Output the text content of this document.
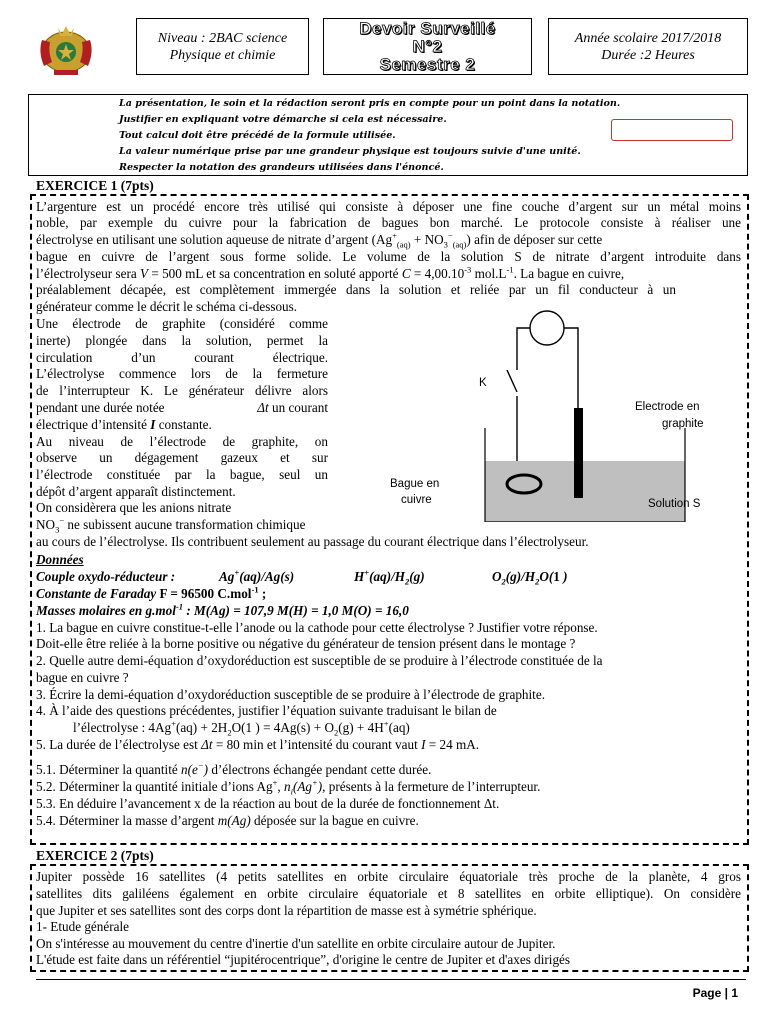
Niveau : 2BAC science
Physique et chimie
Devoir Surveillé
N°2
Semestre 2
Année scolaire 2017/2018
Durée :2 Heures
La présentation, le soin et la rédaction seront pris en compte pour un point dans la notation.
Justifier en expliquant votre démarche si cela est nécessaire.
Tout calcul doit être précédé de la formule utilisée.
La valeur numérique prise par une grandeur physique est toujours suivie d'une unité.
Respecter la notation des grandeurs utilisées dans l'énoncé.
EXERCICE 1 (7pts)
L’argenture est un procédé encore très utilisé qui consiste à déposer une fine couche d’argent sur un métal moins
noble, par exemple du cuivre pour la fabrication de bagues bon marché. Le protocole consiste à réaliser une
électrolyse en utilisant une solution aqueuse de nitrate d’argent $(Ag^+_{(aq)} + NO_3^-_{(aq)})$ afin de déposer sur cette
bague en cuivre de l’argent sous forme solide. Le volume de la solution S de nitrate d’argent introduite dans
l’électrolyseur sera V = 500 mL et sa concentration en soluté apporté $C = 4,00.10^{-3}$ $mol.L^{-1}$. La bague en cuivre,
préalablement décapée, est complètement immergée dans la solution et reliée par un fil conducteur à un
générateur comme le décrit le schéma ci-dessous.
Une électrode de graphite (considéré comme
inerte) plongée dans la solution, permet la
circulation d’un courant électrique.
L’électrolyse commence lors de la fermeture
de l’interrupteur K. Le générateur délivre alors
pendant une durée notée	Δt un courant
électrique d’intensité I constante.
Au niveau de l’électrode de graphite, on
observe un dégagement gazeux et sur
l’électrode constituée par la bague, seul un
dépôt d’argent apparaît distinctement.
On considèrera que les anions nitrate
$NO_3^-$ ne subissent aucune transformation chimique
au cours de l’électrolyse. Ils contribuent seulement au passage du courant électrique dans l’électrolyseur.
K
Electrode en
graphite
Bague en
cuivre	Solution S
Données
Couple oxydo-réducteur :	Ag+(aq)/Ag(s)	$H^+(aq)/H_2(g)$	$O_2(g)/H_2O(1$ )
Constante de Faraday F = 96500 C.mol$^{-1}$ ;
Masses molaires en g.mol$^{-1}$ : M(Ag) = 107,9 M(H) = 1,0 M(O) = 16,0
1. La bague en cuivre constitue-t-elle l’anode ou la cathode pour cette électrolyse ? Justifier votre réponse.
Doit-elle être reliée à la borne positive ou négative du générateur de tension présent dans le montage ?
2. Quelle autre demi-équation d’oxydoréduction est susceptible de se produire à l’électrode constituée de la
bague en cuivre ?
3. Écrire la demi-équation d’oxydoréduction susceptible de se produire à l’électrode de graphite.
4. À l’aide des questions précédentes, justifier l’équation suivante traduisant le bilan de
l’électrolyse : $4Ag^+(aq) + 2H_2O(1$ ) = $4Ag(s) + O_2(g) + 4H^+(aq)$
5. La durée de l’électrolyse est Δt = 80 min et l’intensité du courant vaut I = 24 mA.
5.1. Déterminer la quantité n(e−) d’électrons échangée pendant cette durée.
5.2. Déterminer la quantité initiale d’ions Ag+, $n_i(Ag^+)$, présents à la fermeture de l’interrupteur.
5.3. En déduire l’avancement x de la réaction au bout de la durée de fonctionnement Δt.
5.4. Déterminer la masse d’argent m(Ag) déposée sur la bague en cuivre.
EXERCICE 2 (7pts)
Jupiter possède 16 satellites (4 petits satellites en orbite circulaire équatoriale très proche de la planète, 4 gros
satellites dits galiléens également en orbite circulaire équatoriale et 8 satellites en orbite elliptique). On considère
que Jupiter et ses satellites sont des corps dont la répartition de masse est à symétrie sphérique.
1- Etude générale
On s'intéresse au mouvement du centre d'inertie d'un satellite en orbite circulaire autour de Jupiter.
L'étude est faite dans un référentiel “jupitérocentrique”, d'origine le centre de Jupiter et d'axes dirigés
Page | 1
